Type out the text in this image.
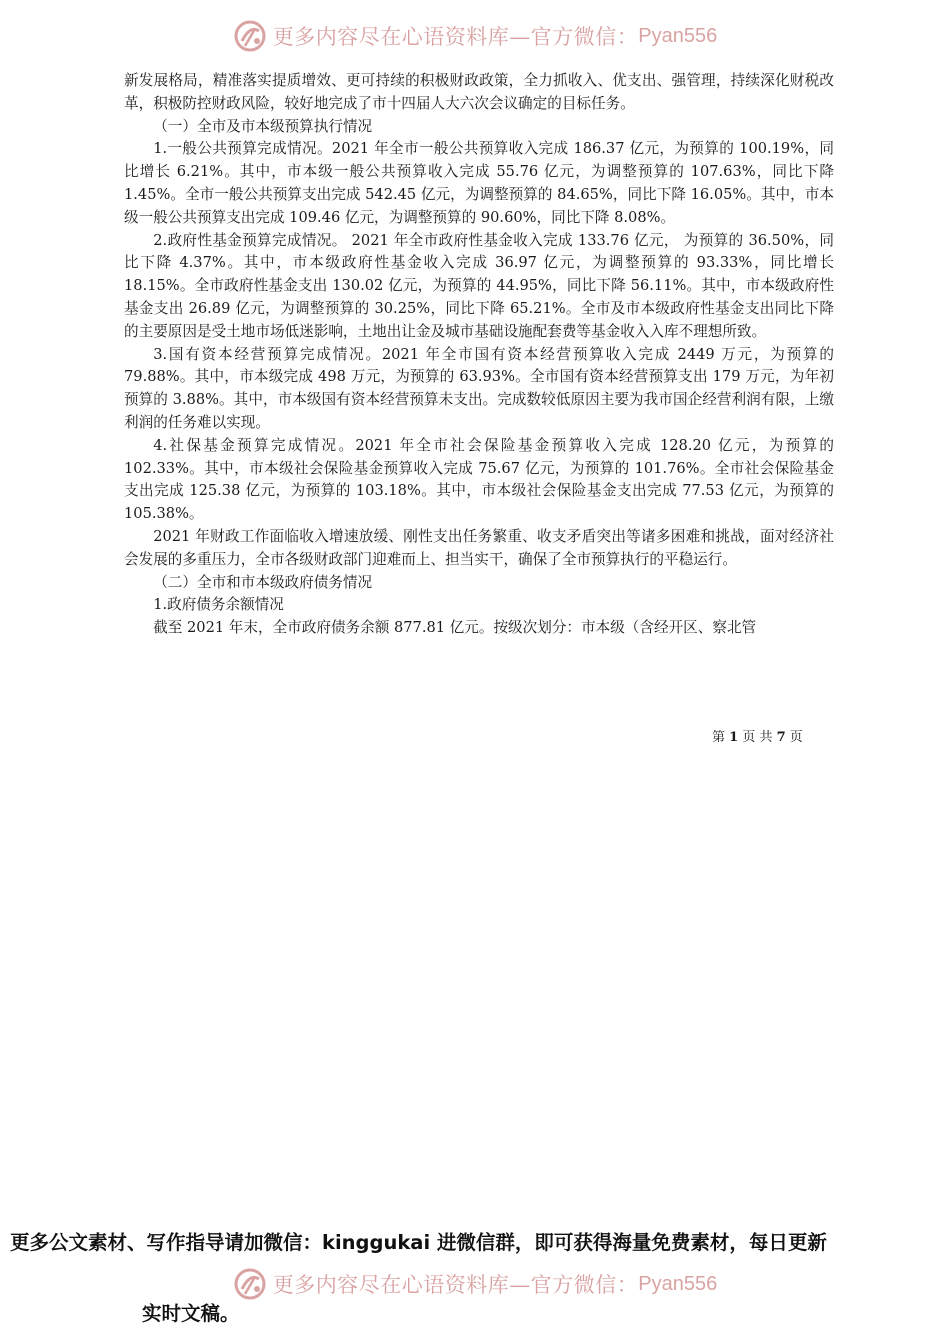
更多内容尽在心语资料库—官方微信： Pyan556

新发展格局，精准落实提质增效、更可持续的积极财政政策，全力抓收入、优支出、强管理，持续深化财税改革，积极防控财政风险，较好地完成了市十四届人大六次会议确定的目标任务。

（一）全市及市本级预算执行情况

1.一般公共预算完成情况。2021 年全市一般公共预算收入完成 186.37 亿元，为预算的 100.19%，同比增长 6.21%。其中，市本级一般公共预算收入完成 55.76 亿元，为调整预算的 107.63%，同比下降 1.45%。全市一般公共预算支出完成 542.45 亿元，为调整预算的 84.65%，同比下降 16.05%。其中，市本级一般公共预算支出完成 109.46 亿元，为调整预算的 90.60%，同比下降 8.08%。

2.政府性基金预算完成情况。 2021 年全市政府性基金收入完成 133.76 亿元， 为预算的 36.50%，同比下降 4.37%。其中，市本级政府性基金收入完成 36.97 亿元，为调整预算的 93.33%，同比增长 18.15%。全市政府性基金支出 130.02 亿元，为预算的 44.95%，同比下降 56.11%。其中，市本级政府性基金支出 26.89 亿元，为调整预算的 30.25%，同比下降 65.21%。全市及市本级政府性基金支出同比下降的主要原因是受土地市场低迷影响，土地出让金及城市基础设施配套费等基金收入入库不理想所致。

3.国有资本经营预算完成情况。2021 年全市国有资本经营预算收入完成 2449 万元，为预算的 79.88%。其中，市本级完成 498 万元，为预算的 63.93%。全市国有资本经营预算支出 179 万元，为年初预算的 3.88%。其中，市本级国有资本经营预算未支出。完成数较低原因主要为我市国企经营利润有限，上缴利润的任务难以实现。

4.社保基金预算完成情况。2021 年全市社会保险基金预算收入完成 128.20 亿元，为预算的 102.33%。其中，市本级社会保险基金预算收入完成 75.67 亿元，为预算的 101.76%。全市社会保险基金支出完成 125.38 亿元，为预算的 103.18%。其中，市本级社会保险基金支出完成 77.53 亿元，为预算的 105.38%。

2021 年财政工作面临收入增速放缓、刚性支出任务繁重、收支矛盾突出等诸多困难和挑战，面对经济社会发展的多重压力，全市各级财政部门迎难而上、担当实干，确保了全市预算执行的平稳运行。

（二）全市和市本级政府债务情况

1.政府债务余额情况

截至 2021 年末，全市政府债务余额 877.81 亿元。按级次划分：市本级（含经开区、察北管

第 1 页 共 7 页
更多公文素材、写作指导请加微信：kinggukai 进微信群，即可获得海量免费素材，每日更新
实时文稿。
更多内容尽在心语资料库—官方微信： Pyan556
